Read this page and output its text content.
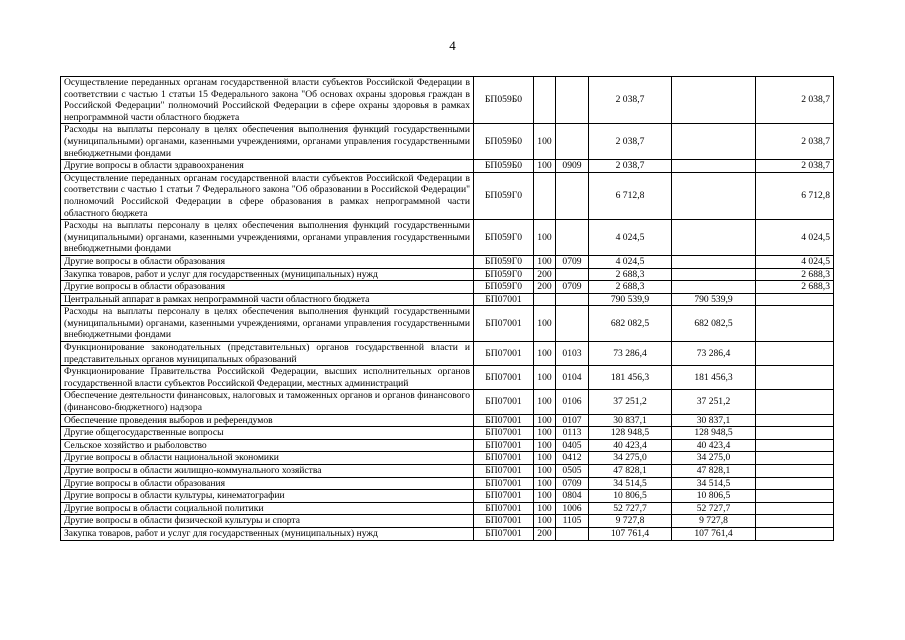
4
Осуществление переданных органам государственной власти субъектов Российской Федерации в соответствии с частью 1 статьи 15 Федерального закона "Об основах охраны здоровья граждан в Российской Федерации" полномочий Российской Федерации в сфере охраны здоровья в рамках непрограммной части областного бюджета	БП059Б0			2 038,7		2 038,7
Расходы на выплаты персоналу в целях обеспечения выполнения функций государственными (муниципальными) органами, казенными учреждениями, органами управления государственными внебюджетными фондами	БП059Б0	100		2 038,7		2 038,7
Другие вопросы в области здравоохранения	БП059Б0	100	0909	2 038,7		2 038,7
Осуществление переданных органам государственной власти субъектов Российской Федерации в соответствии с частью 1 статьи 7 Федерального закона "Об образовании в Российской Федерации" полномочий Российской Федерации в сфере образования в рамках непрограммной части областного бюджета	БП059Г0			6 712,8		6 712,8
Расходы на выплаты персоналу в целях обеспечения выполнения функций государственными (муниципальными) органами, казенными учреждениями, органами управления государственными внебюджетными фондами	БП059Г0	100		4 024,5		4 024,5
Другие вопросы в области образования	БП059Г0	100	0709	4 024,5		4 024,5
Закупка товаров, работ и услуг для государственных (муниципальных) нужд	БП059Г0	200		2 688,3		2 688,3
Другие вопросы в области образования	БП059Г0	200	0709	2 688,3		2 688,3
Центральный аппарат в рамках непрограммной части областного бюджета	БП07001			790 539,9	790 539,9	
Расходы на выплаты персоналу в целях обеспечения выполнения функций государственными (муниципальными) органами, казенными учреждениями, органами управления государственными внебюджетными фондами	БП07001	100		682 082,5	682 082,5	
Функционирование законодательных (представительных) органов государственной власти и представительных органов муниципальных образований	БП07001	100	0103	73 286,4	73 286,4	
Функционирование Правительства Российской Федерации, высших исполнительных органов государственной власти субъектов Российской Федерации, местных администраций	БП07001	100	0104	181 456,3	181 456,3	
Обеспечение деятельности финансовых, налоговых и таможенных органов и органов финансового (финансово-бюджетного) надзора	БП07001	100	0106	37 251,2	37 251,2	
Обеспечение проведения выборов и референдумов	БП07001	100	0107	30 837,1	30 837,1	
Другие общегосударственные вопросы	БП07001	100	0113	128 948,5	128 948,5	
Сельское хозяйство и рыболовство	БП07001	100	0405	40 423,4	40 423,4	
Другие вопросы в области национальной экономики	БП07001	100	0412	34 275,0	34 275,0	
Другие вопросы в области жилищно-коммунального хозяйства	БП07001	100	0505	47 828,1	47 828,1	
Другие вопросы в области образования	БП07001	100	0709	34 514,5	34 514,5	
Другие вопросы в области культуры, кинематографии	БП07001	100	0804	10 806,5	10 806,5	
Другие вопросы в области социальной политики	БП07001	100	1006	52 727,7	52 727,7	
Другие вопросы в области физической культуры и спорта	БП07001	100	1105	9 727,8	9 727,8	
Закупка товаров, работ и услуг для государственных (муниципальных) нужд	БП07001	200		107 761,4	107 761,4	
